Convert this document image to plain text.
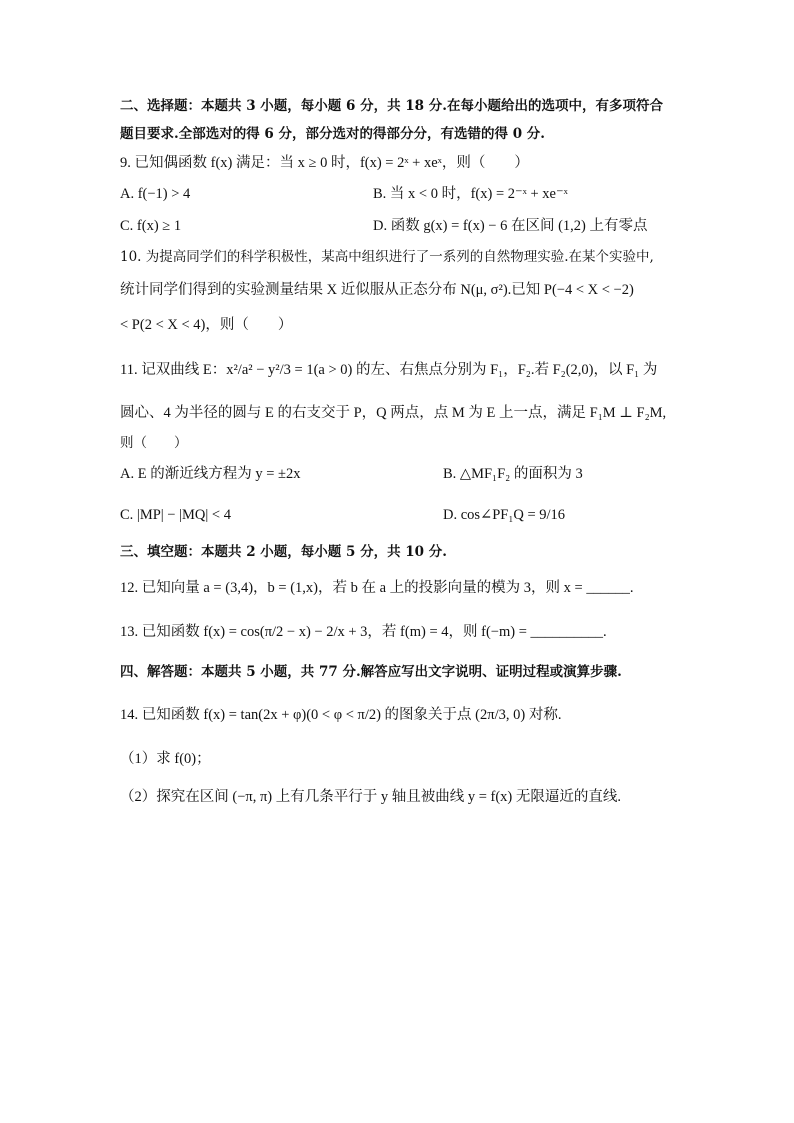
二、选择题：本题共 3 小题，每小题 6 分，共 18 分.在每小题给出的选项中，有多项符合
题目要求.全部选对的得 6 分，部分选对的得部分分，有选错的得 0 分.
9. 已知偶函数 f(x) 满足：当 x ≥ 0 时，f(x) = 2ˣ + xeˣ，则（　　）
A. f(−1) > 4	B. 当 x < 0 时，f(x) = 2⁻ˣ + xe⁻ˣ
C. f(x) ≥ 1	D. 函数 g(x) = f(x) − 6 在区间 (1,2) 上有零点
10. 为提高同学们的科学积极性，某高中组织进行了一系列的自然物理实验.在某个实验中,
统计同学们得到的实验测量结果 X 近似服从正态分布 N(μ, σ²).已知 P(−4 < X < −2)
< P(2 < X < 4)，则（　　）
11. 记双曲线 E：x²/a² − y²/3 = 1(a > 0) 的左、右焦点分别为 F₁，F₂.若 F₂(2,0)，以 F₁ 为
圆心、4 为半径的圆与 E 的右支交于 P，Q 两点，点 M 为 E 上一点，满足 F₁M ⊥ F₂M,
则（　　）
A. E 的渐近线方程为 y = ±2x	B. △MF₁F₂ 的面积为 3
C. |MP| − |MQ| < 4	D. cos∠PF₁Q = 9/16
三、填空题：本题共 2 小题，每小题 5 分，共 10 分.
12. 已知向量 a = (3,4)，b = (1,x)，若 b 在 a 上的投影向量的模为 3，则 x = ______.
13. 已知函数 f(x) = cos(π/2 − x) − 2/x + 3，若 f(m) = 4，则 f(−m) = __________.
四、解答题：本题共 5 小题，共 77 分.解答应写出文字说明、证明过程或演算步骤.
14. 已知函数 f(x) = tan(2x + φ)(0 < φ < π/2) 的图象关于点 (2π/3, 0) 对称.
（1）求 f(0)；
（2）探究在区间 (−π, π) 上有几条平行于 y 轴且被曲线 y = f(x) 无限逼近的直线.
